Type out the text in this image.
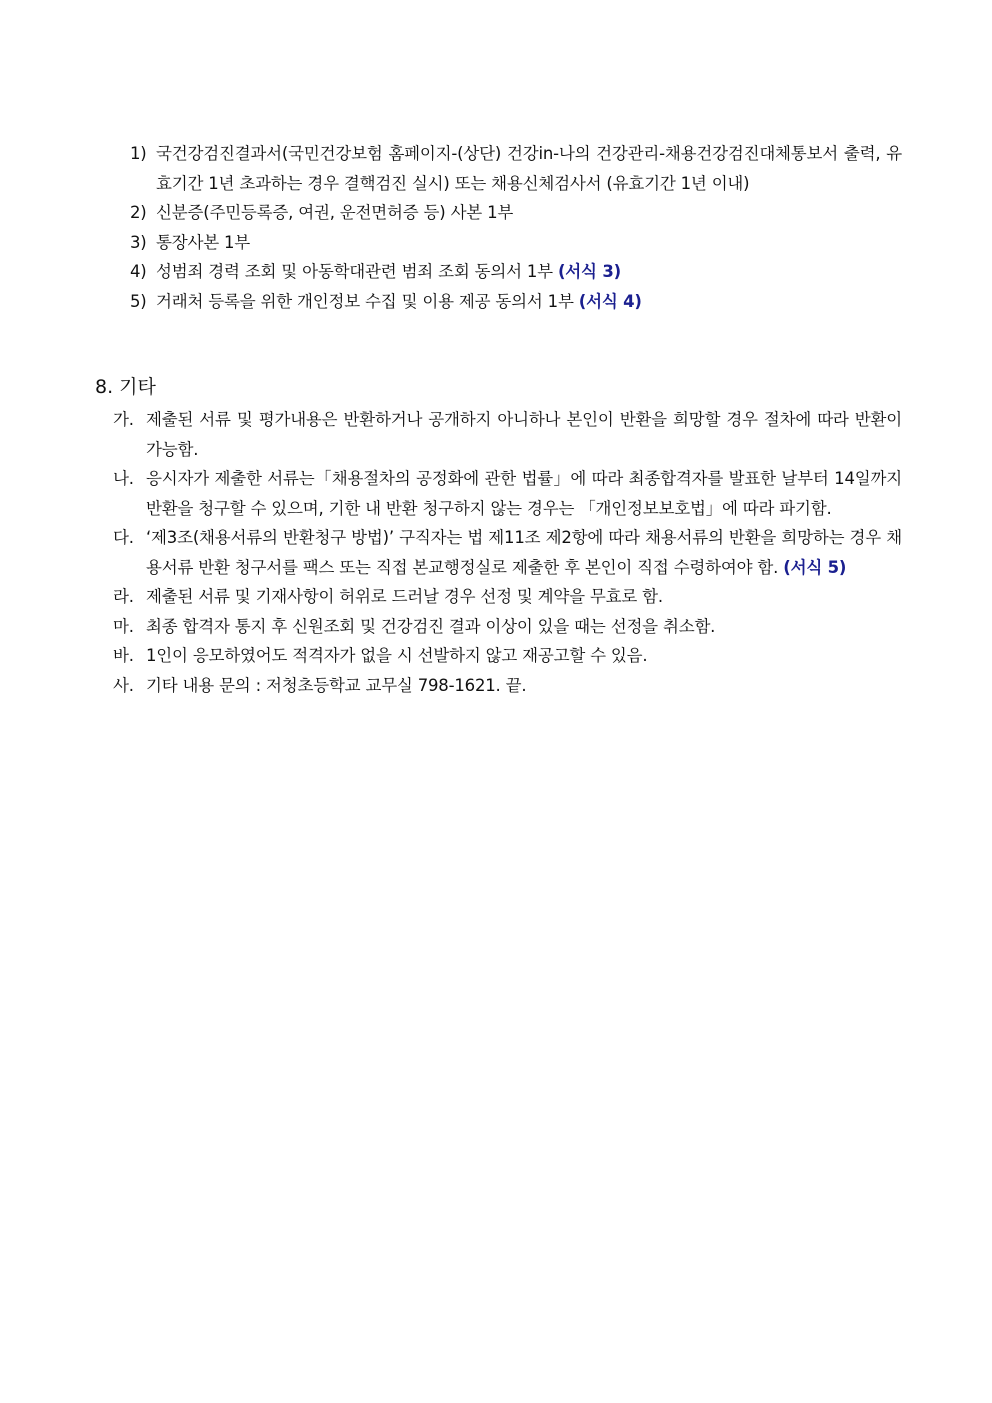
1) 국건강검진결과서(국민건강보험 홈페이지-(상단) 건강in-나의 건강관리-채용건강검진대체통보서 출력, 유효기간 1년 초과하는 경우 결핵검진 실시) 또는 채용신체검사서 (유효기간 1년 이내)

2) 신분증(주민등록증, 여권, 운전면허증 등) 사본 1부

3) 통장사본 1부

4) 성범죄 경력 조회 및 아동학대관련 범죄 조회 동의서 1부 (서식 3)

5) 거래처 등록을 위한 개인정보 수집 및 이용 제공 동의서 1부 (서식 4)

8. 기타

가. 제출된 서류 및 평가내용은 반환하거나 공개하지 아니하나 본인이 반환을 희망할 경우 절차에 따라 반환이 가능함.

나. 응시자가 제출한 서류는「채용절차의 공정화에 관한 법률」에 따라 최종합격자를 발표한 날부터 14일까지 반환을 청구할 수 있으며, 기한 내 반환 청구하지 않는 경우는 「개인정보보호법」에 따라 파기함.

다. ‘제3조(채용서류의 반환청구 방법)’ 구직자는 법 제11조 제2항에 따라 채용서류의 반환을 희망하는 경우 채용서류 반환 청구서를 팩스 또는 직접 본교행정실로 제출한 후 본인이 직접 수령하여야 함. (서식 5)

라. 제출된 서류 및 기재사항이 허위로 드러날 경우 선정 및 계약을 무효로 함.

마. 최종 합격자 통지 후 신원조회 및 건강검진 결과 이상이 있을 때는 선정을 취소함.

바. 1인이 응모하였어도 적격자가 없을 시 선발하지 않고 재공고할 수 있음.

사. 기타 내용 문의 : 저청초등학교 교무실 798-1621. 끝.
